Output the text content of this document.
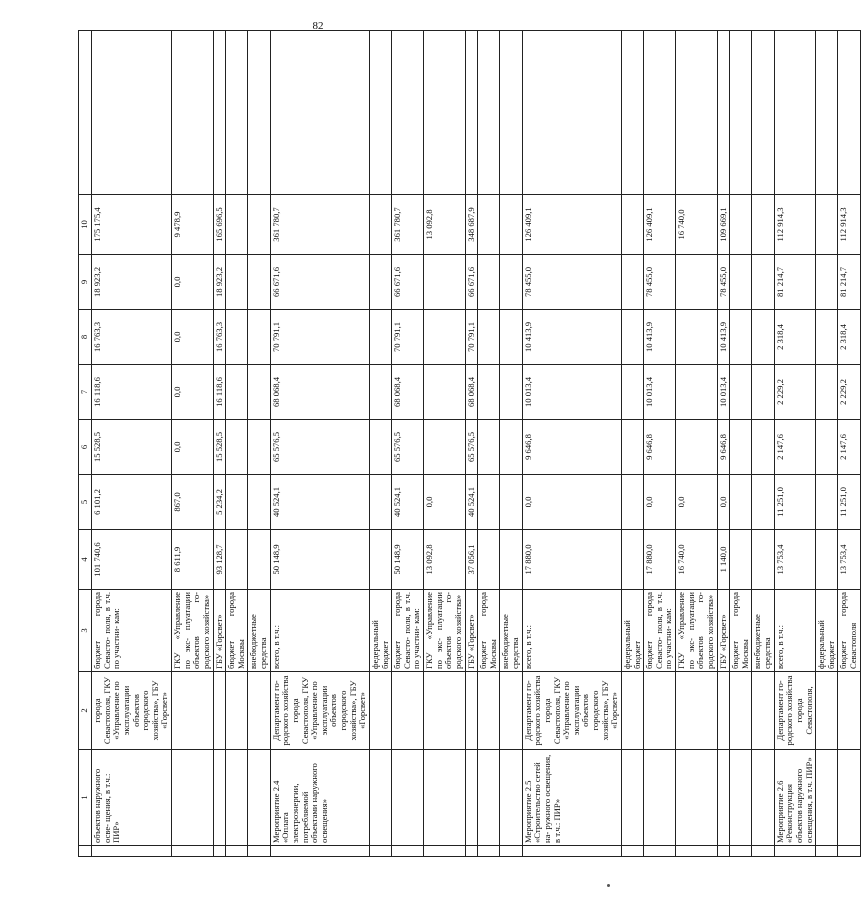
82
	1	2	3	4	5	6	7	8	9	10	
	объектов наружного осве- щения, в т.ч.: ПИР»	города Севастополя, ГКУ «Управление по эксплуатации объектов городского хозяйства», ГБУ «Горсвет»	бюджет города Севасто- поля, в т.ч. по участни- кам:	101 740,6	6 101,2	15 528,5	16 118,6	16 763,3	18 923,2	175 175,4	
			ГКУ «Управление по экс- плуатации объектов го- родского хозяйства»	8 611,9	867,0	0,0	0,0	0,0	0,0	9 478,9	
			ГБУ «Горсвет»	93 128,7	5 234,2	15 528,5	16 118,6	16 763,3	18 923,2	165 696,5	
			бюджет города Москвы								
			внебюджетные средства								
	Мероприятие 2.4 «Оплата электроэнергии, потребляемой объектами наружного освещения»	Департамент го- родского хозяйства города Севастополя, ГКУ «Управление по эксплуатации объектов городского хозяйства», ГБУ «Горсвет»	всего, в т.ч.:	50 148,9	40 524,1	65 576,5	68 068,4	70 791,1	66 671,6	361 780,7	
			федеральный бюджет								
			бюджет города Севасто- поля, в т.ч. по участни- кам:	50 148,9	40 524,1	65 576,5	68 068,4	70 791,1	66 671,6	361 780,7	
			ГКУ «Управление по экс- плуатации объектов го- родского хозяйства»	13 092,8	0,0					13 092,8	
			ГБУ «Горсвет»	37 056,1	40 524,1	65 576,5	68 068,4	70 791,1	66 671,6	348 687,9	
			бюджет города Москвы								
			внебюджетные средства								
	Мероприятие 2.5 «Строительство сетей на- ружного освещения, в т.ч.: ПИР»	Департамент го- родского хозяйства города Севастополя, ГКУ «Управление по эксплуатации объектов городского хозяйства», ГБУ «Горсвет»	всего, в т.ч.:	17 880,0	0,0	9 646,8	10 013,4	10 413,9	78 455,0	126 409,1	
			федеральный бюджет								
			бюджет города Севасто- поля, в т.ч. по участни- кам:	17 880,0	0,0	9 646,8	10 013,4	10 413,9	78 455,0	126 409,1	
			ГКУ «Управление по экс- плуатации объектов го- родского хозяйства»	16 740,0	0,0					16 740,0	
			ГБУ «Горсвет»	1 140,0	0,0	9 646,8	10 013,4	10 413,9	78 455,0	109 669,1	
			бюджет города Москвы								
			внебюджетные средства								
	Мероприятие 2.6 «Реконструкция объектов наружного освещения, в т.ч. ПИР»	Департамент го- родского хозяйства города Севастополя,	всего, в т.ч.:	13 753,4	11 251,0	2 147,6	2 229,2	2 318,4	81 214,7	112 914,3	
			федеральный бюджет								
			бюджет города Севастополя	13 753,4	11 251,0	2 147,6	2 229,2	2 318,4	81 214,7	112 914,3	
